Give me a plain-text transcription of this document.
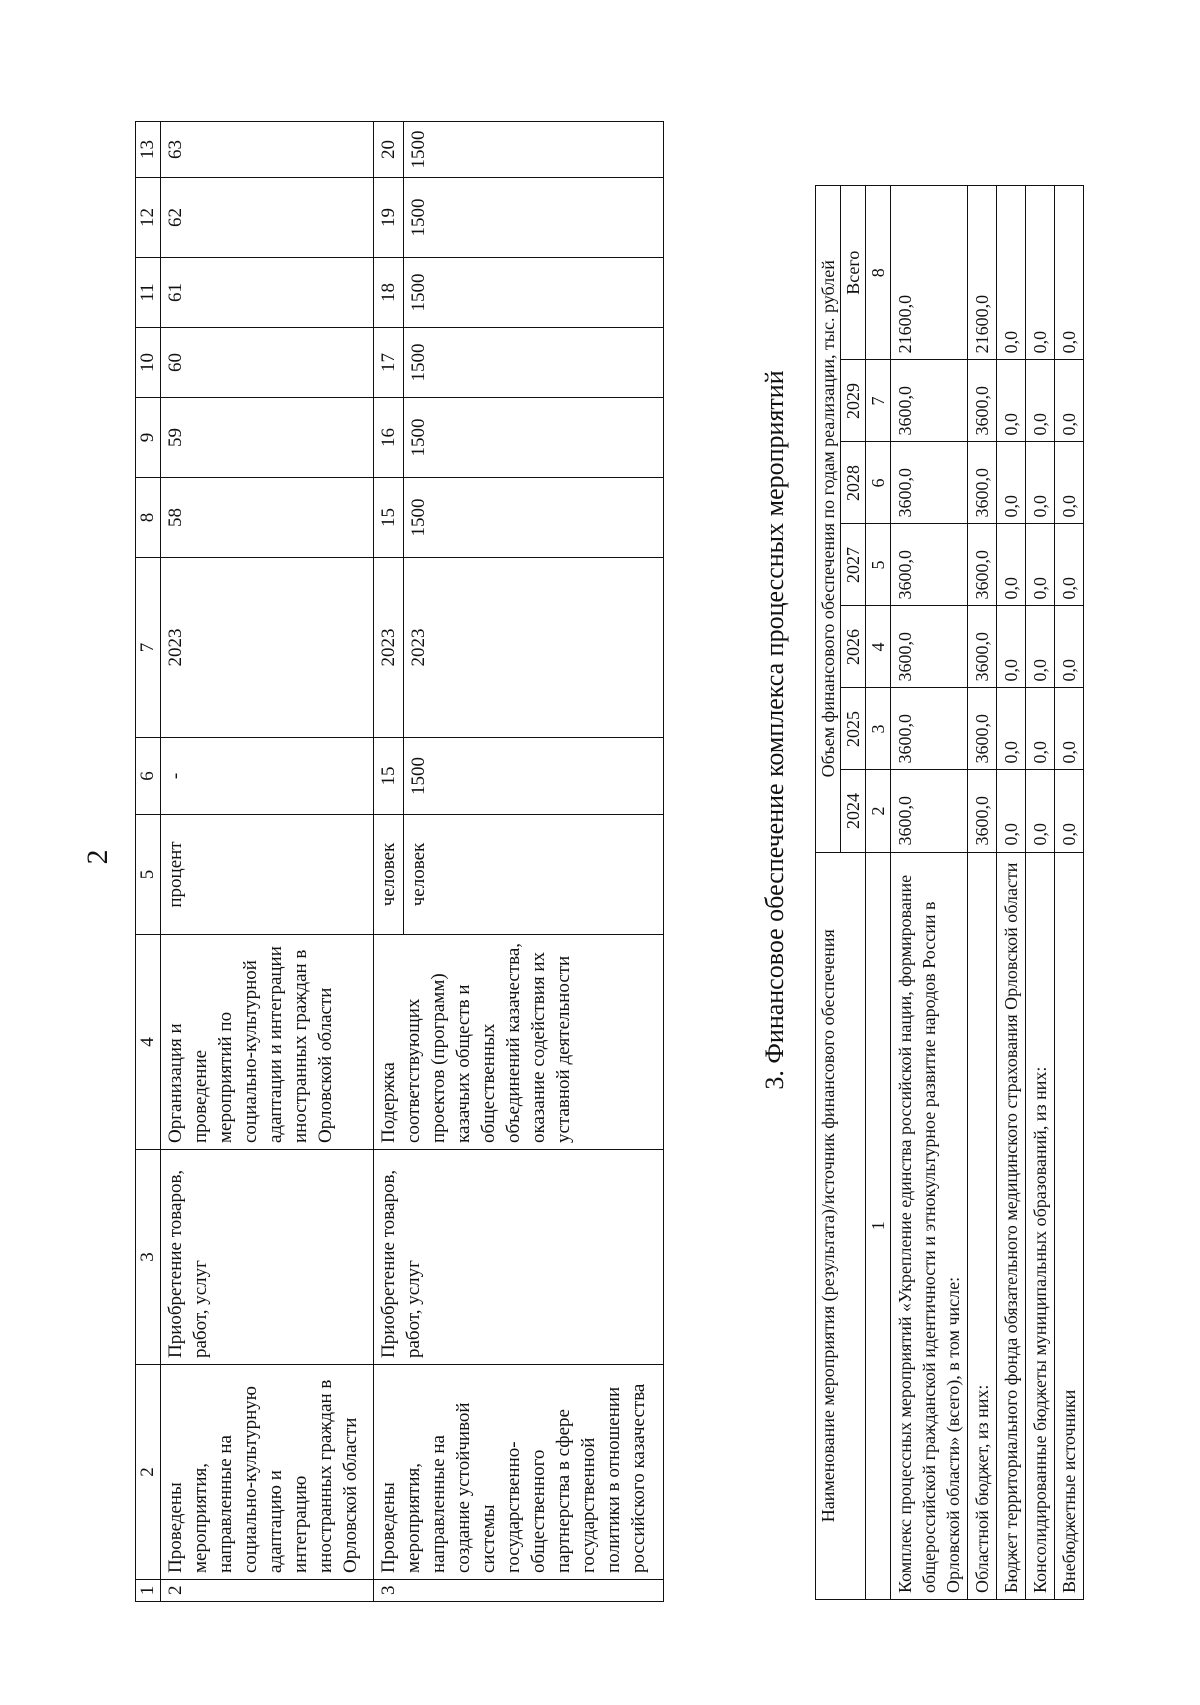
2
1	2	3	4	5	6	7	8	9	10	11	12	13
2	Проведены мероприятия, направленные на социально-культурную адаптацию и интеграцию иностранных граждан в Орловской области	Приобретение товаров, работ, услуг	Организация и проведение мероприятий по социально-культурной адаптации и интеграции иностранных граждан в Орловской области	процент	-	2023	58	59	60	61	62	63
3	Проведены мероприятия, направленные на создание устойчивой системы государственно-общественного партнерства в сфере государственной политики в отношении российского казачества	Приобретение товаров, работ, услуг	Подержка соответствующих проектов (программ) казачьих обществ и общественных объединений казачества, оказание содействия их уставной деятельности	человек	15	2023	15	16	17	18	19	20
				человек	1500	2023	1500	1500	1500	1500	1500	1500
3. Финансовое обеспечение комплекса процессных мероприятий
Наименование мероприятия (результата)/источник финансового обеспечения	Объем финансового обеспечения по годам реализации, тыс. рублей						
	2024	2025	2026	2027	2028	2029	Всего
1	2	3	4	5	6	7	8
Комплекс процессных мероприятий «Укрепление единства российской нации, формирование общероссийской гражданской идентичности и этнокультурное развитие народов России в Орловской области» (всего), в том числе:	3600,0	3600,0	3600,0	3600,0	3600,0	3600,0	21600,0
Областной бюджет, из них:	3600,0	3600,0	3600,0	3600,0	3600,0	3600,0	21600,0
Бюджет территориального фонда обязательного медицинского страхования Орловской области	0,0	0,0	0,0	0,0	0,0	0,0	0,0
Консолидированные бюджеты муниципальных образований, из них:	0,0	0,0	0,0	0,0	0,0	0,0	0,0
Внебюджетные источники	0,0	0,0	0,0	0,0	0,0	0,0	0,0
